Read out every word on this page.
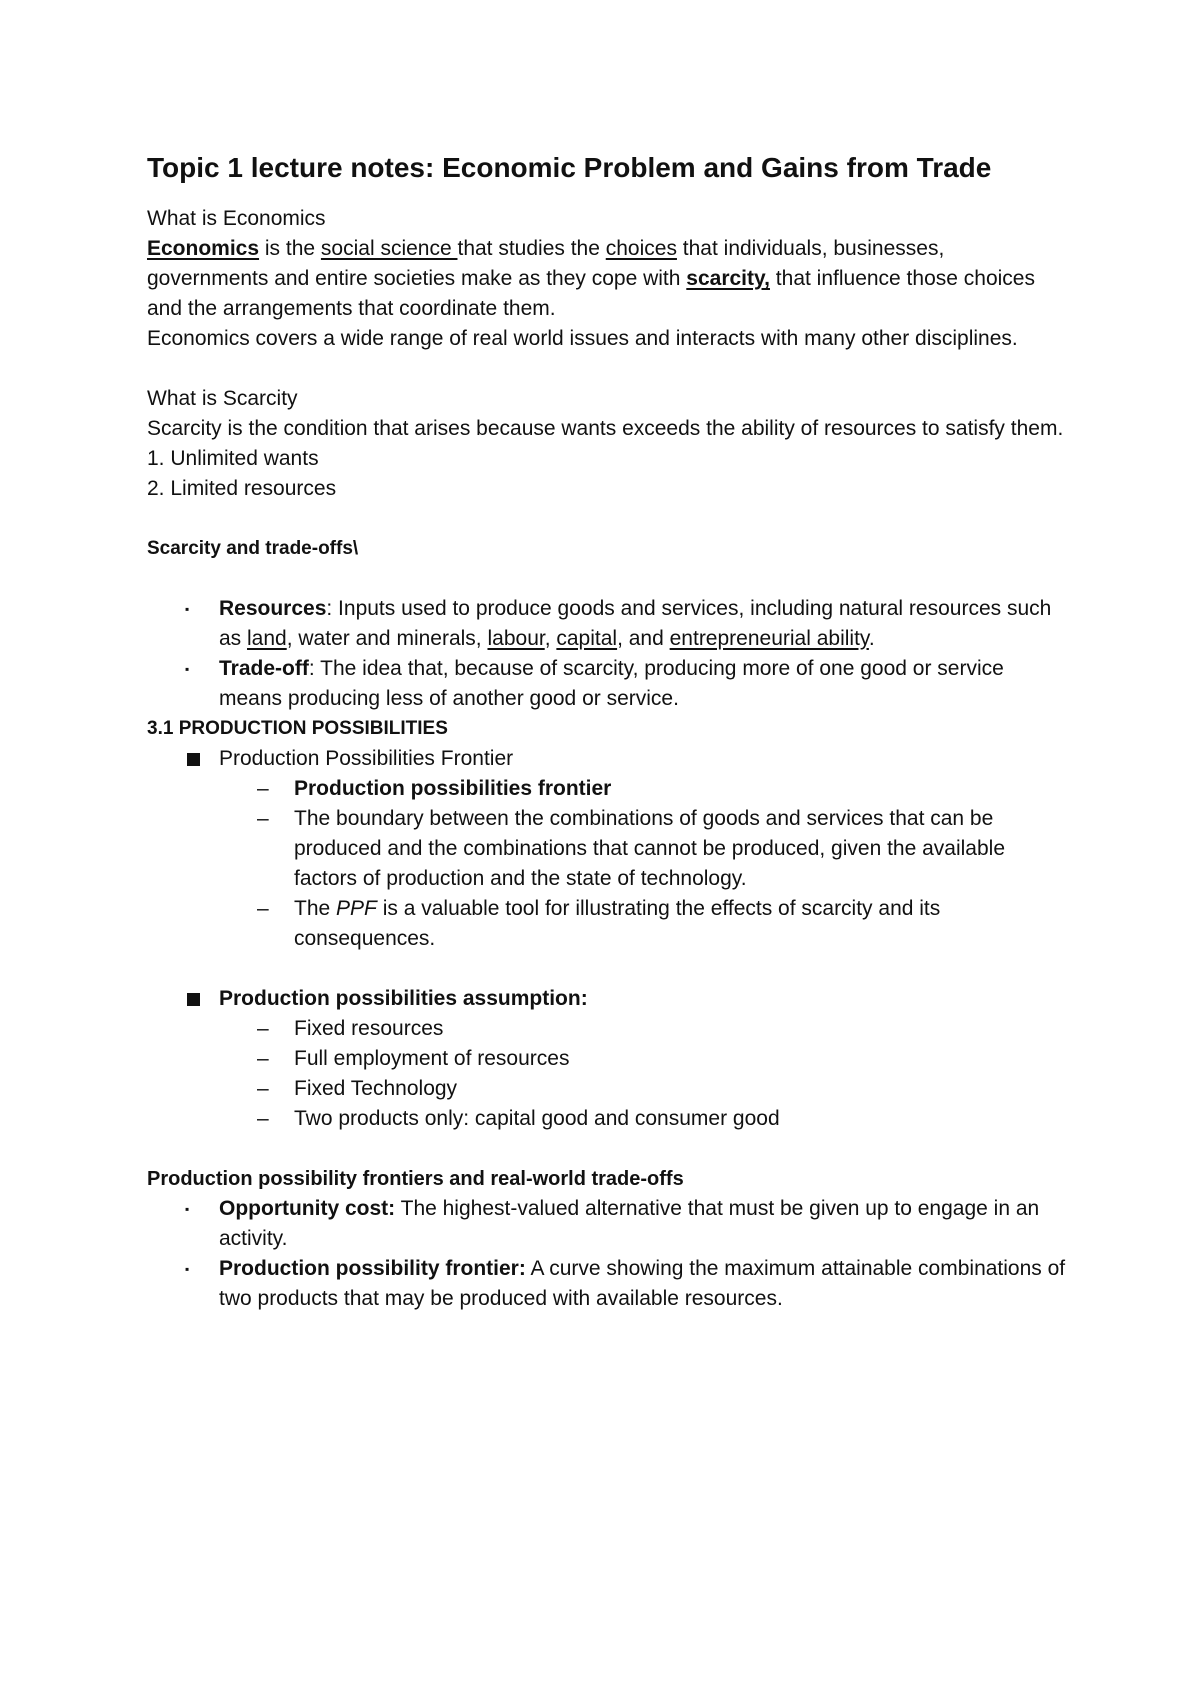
Topic 1 lecture notes: Economic Problem and Gains from Trade

What is Economics

Economics is the social science that studies the choices that individuals, businesses, governments and entire societies make as they cope with scarcity, that influence those choices and the arrangements that coordinate them.

Economics covers a wide range of real world issues and interacts with many other disciplines.

What is Scarcity

Scarcity is the condition that arises because wants exceeds the ability of resources to satisfy them.

1. Unlimited wants

2. Limited resources

Scarcity and trade-offs\

▪ Resources: Inputs used to produce goods and services, including natural resources such as land, water and minerals, labour, capital, and entrepreneurial ability.
▪ Trade-off: The idea that, because of scarcity, producing more of one good or service means producing less of another good or service.

3.1 PRODUCTION POSSIBILITIES

Production Possibilities Frontier
– Production possibilities frontier
– The boundary between the combinations of goods and services that can be produced and the combinations that cannot be produced, given the available factors of production and the state of technology.
– The PPF is a valuable tool for illustrating the effects of scarcity and its consequences.
Production possibilities assumption:
– Fixed resources
– Full employment of resources
– Fixed Technology
– Two products only: capital good and consumer good

Production possibility frontiers and real-world trade-offs

▪ Opportunity cost: The highest-valued alternative that must be given up to engage in an activity.
▪ Production possibility frontier: A curve showing the maximum attainable combinations of two products that may be produced with available resources.
